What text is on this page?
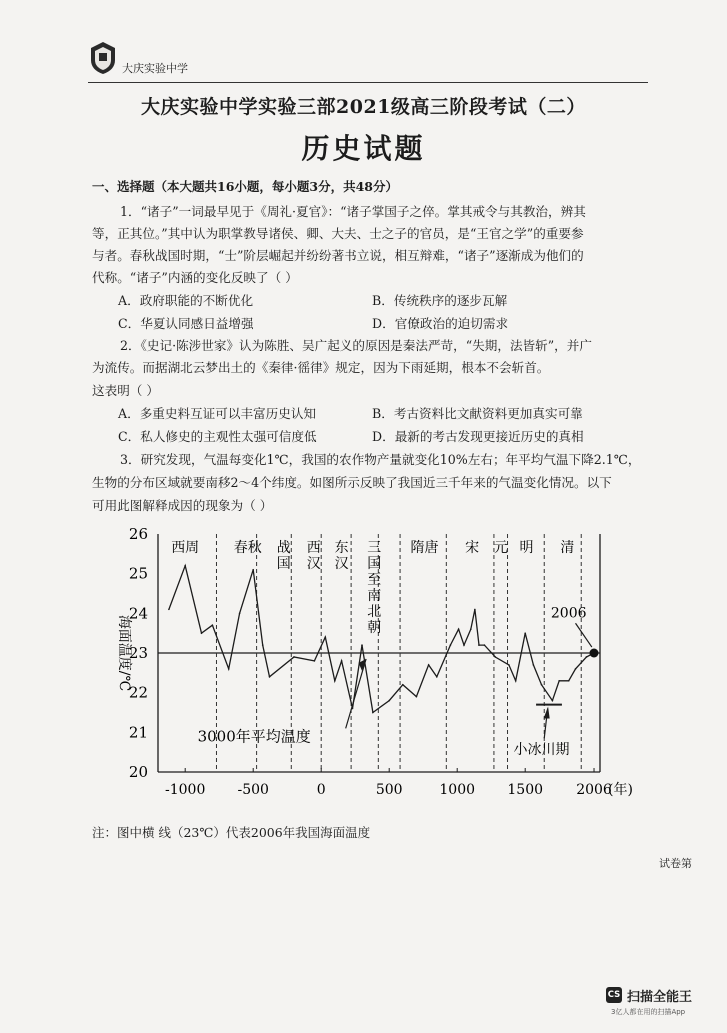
大庆实验中学
大庆实验中学实验三部2021级高三阶段考试（二）
历史试题
一、选择题（本大题共16小题，每小题3分，共48分）
1．“诸子”一词最早见于《周礼·夏官》：“诸子掌国子之倅。掌其戒令与其教治，辨其
等，正其位。”其中认为职掌教导诸侯、卿、大夫、士之子的官员，是“王官之学”的重要参
与者。春秋战国时期，“士”阶层崛起并纷纷著书立说，相互辩难，“诸子”逐渐成为他们的
代称。“诸子”内涵的变化反映了（ ）
A．政府职能的不断优化	B．传统秩序的逐步瓦解
C．华夏认同感日益增强	D．官僚政治的迫切需求
2．《史记·陈涉世家》认为陈胜、吴广起义的原因是秦法严苛，“失期，法皆斩”，并广
为流传。而据湖北云梦出土的《秦律·徭律》规定，因为下雨延期，根本不会斩首。
这表明（ ）
A．多重史料互证可以丰富历史认知	B．考古资料比文献资料更加真实可靠
C．私人修史的主观性太强可信度低	D．最新的考古发现更接近历史的真相
3．研究发现，气温每变化1℃，我国的农作物产量就变化10%左右；年平均气温下降2.1℃，
生物的分布区域就要南移2～4个纬度。如图所示反映了我国近三千年来的气温变化情况。以下
可用此图解释成因的现象为（ ）
20
21
22
23
24
25
26
-1000 -500	0	500	1000 1500 2006
西周 春秋 战
国
西
汉
东
汉
三
国
至
南
北
朝
隋唐 宋 元 明 清
3000年平均温度
2006
小冰川期
海面温度/℃
(年)
注：图中横 线（23℃）代表2006年我国海面温度
试卷第
CS 扫描全能王
3亿人都在用的扫描App
